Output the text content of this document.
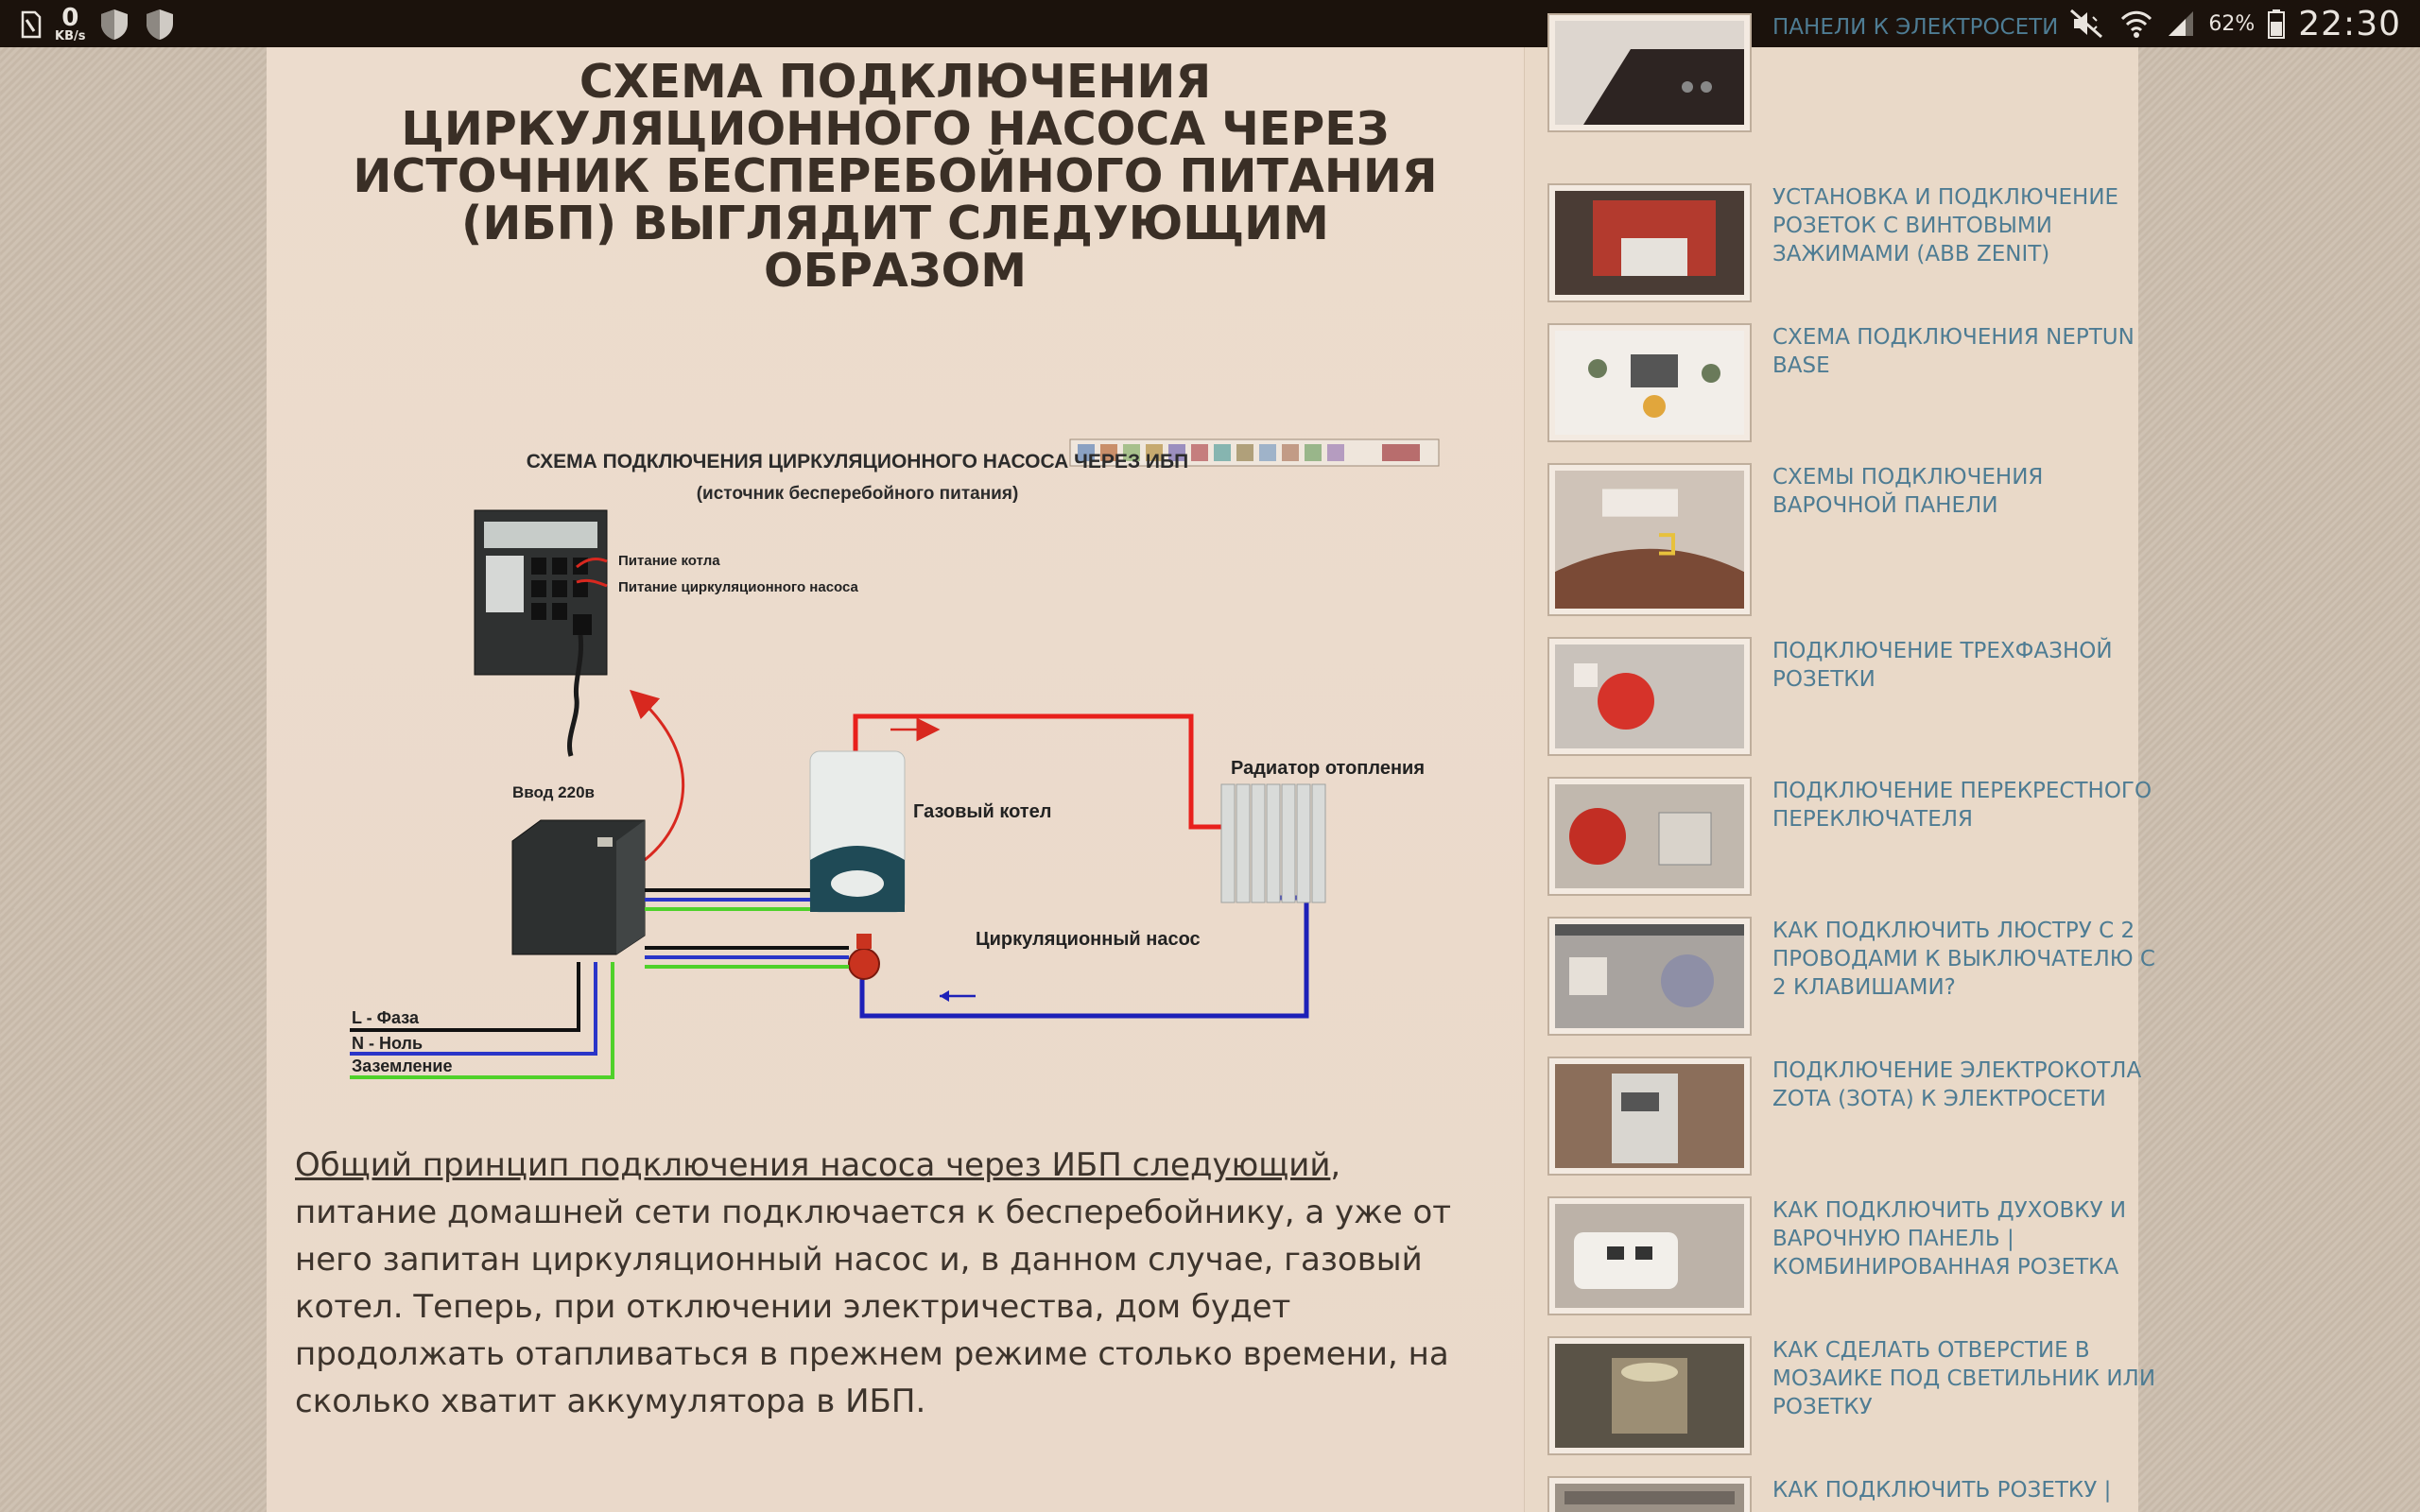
0
KB/s
62% 22:30
СХЕМА ПОДКЛЮЧЕНИЯ ЦИРКУЛЯЦИОННОГО НАСОСА ЧЕРЕЗ ИСТОЧНИК БЕСПЕРЕБОЙНОГО ПИТАНИЯ (ИБП) ВЫГЛЯДИТ СЛЕДУЮЩИМ ОБРАЗОМ
СХЕМА ПОДКЛЮЧЕНИЯ ЦИРКУЛЯЦИОННОГО НАСОСА ЧЕРЕЗ ИБП
(источник бесперебойного питания)
Питание котла
Питание циркуляционного насоса
Ввод 220в
Газовый котел
Радиатор отопления
Циркуляционный насос
L - Фаза
N - Ноль
Заземление

Общий принцип подключения насоса через ИБП следующий, питание домашней сети подключается к бесперебойнику, а уже от него запитан циркуляционный насос и, в данном случае, газовый котел. Теперь, при отключении электричества, дом будет продолжать отапливаться в прежнем режиме столько времени, на сколько хватит аккумулятора в ИБП.

ПАНЕЛИ К ЭЛЕКТРОСЕТИ
УСТАНОВКА И ПОДКЛЮЧЕНИЕ РОЗЕТОК С ВИНТОВЫМИ ЗАЖИМАМИ (ABB ZENIT)
СХЕМА ПОДКЛЮЧЕНИЯ NEPTUN BASE
СХЕМЫ ПОДКЛЮЧЕНИЯ ВАРОЧНОЙ ПАНЕЛИ
ПОДКЛЮЧЕНИЕ ТРЕХФАЗНОЙ РОЗЕТКИ
ПОДКЛЮЧЕНИЕ ПЕРЕКРЕСТНОГО ПЕРЕКЛЮЧАТЕЛЯ
КАК ПОДКЛЮЧИТЬ ЛЮСТРУ С 2 ПРОВОДАМИ К ВЫКЛЮЧАТЕЛЮ С 2 КЛАВИШАМИ?
ПОДКЛЮЧЕНИЕ ЭЛЕКТРОКОТЛА ZOTA (ЗОТА) К ЭЛЕКТРОСЕТИ
КАК ПОДКЛЮЧИТЬ ДУХОВКУ И ВАРОЧНУЮ ПАНЕЛЬ | КОМБИНИРОВАННАЯ РОЗЕТКА
КАК СДЕЛАТЬ ОТВЕРСТИЕ В МОЗАИКЕ ПОД СВЕТИЛЬНИК ИЛИ РОЗЕТКУ
КАК ПОДКЛЮЧИТЬ РОЗЕТКУ |
